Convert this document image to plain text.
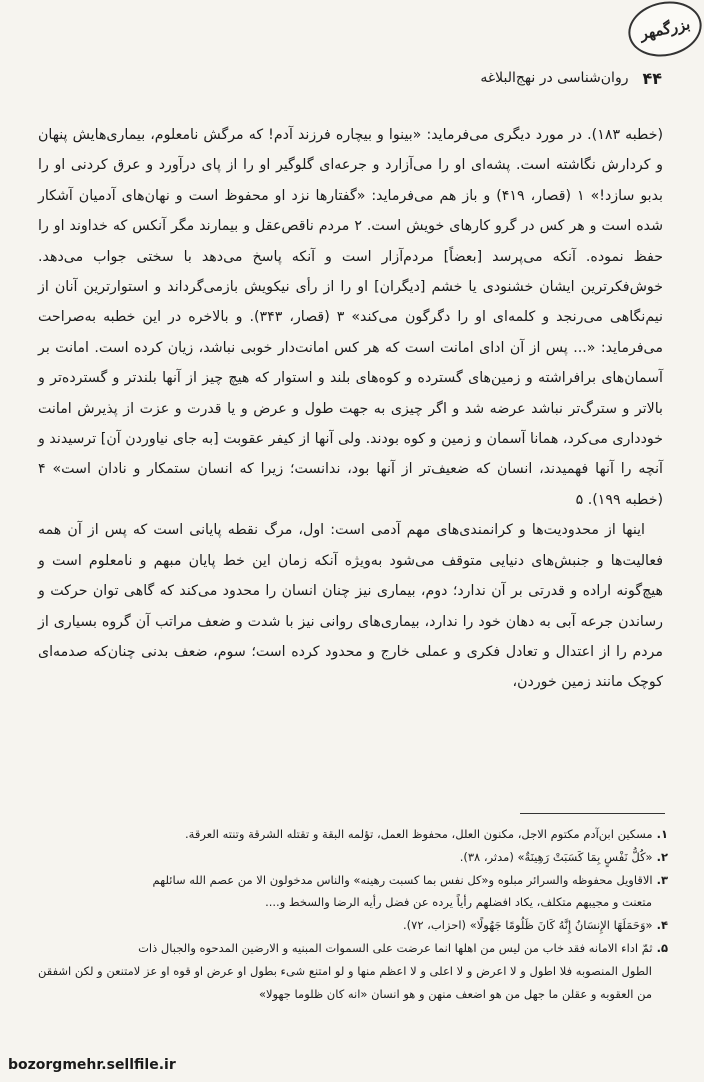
بزرگمهر
۴۴
روان‌شناسی در نهج‌البلاغه

(خطبه ۱۸۳). در مورد دیگری می‌فرماید: «بینوا و بیچاره فرزند آدم! که مرگش نامعلوم، بیماری‌هایش پنهان و کردارش نگاشته است. پشه‌ای او را می‌آزارد و جرعه‌ای گلوگیر او را از پای درآورد و عرق کردنی او را بدبو سازد!» ۱ (قصار، ۴۱۹) و باز هم می‌فرماید: «گفتارها نزد او محفوظ است و نهان‌های آدمیان آشکار شده است و هر کس در گرو کارهای خویش است. ۲ مردم ناقص‌عقل و بیمارند مگر آنکس که خداوند او را حفظ نموده. آنکه می‌پرسد [بعضاً] مردم‌آزار است و آنکه پاسخ می‌دهد با سختی جواب می‌دهد. خوش‌فکرترین ایشان خشنودی یا خشم [دیگران] او را از رأی نیکویش بازمی‌گرداند و استوارترین آنان از نیم‌نگاهی می‌رنجد و کلمه‌ای او را دگرگون می‌کند» ۳ (قصار، ۳۴۳). و بالاخره در این خطبه به‌صراحت می‌فرماید: «... پس از آن ادای امانت است که هر کس امانت‌دار خوبی نباشد، زیان کرده است. امانت بر آسمان‌های برافراشته و زمین‌های گسترده و کوه‌های بلند و استوار که هیچ چیز از آنها بلندتر و گسترده‌تر و بالاتر و سترگ‌تر نباشد عرضه شد و اگر چیزی به جهت طول و عرض و یا قدرت و عزت از پذیرش امانت خودداری می‌کرد، همانا آسمان و زمین و کوه بودند. ولی آنها از کیفر عقوبت [به جای نیاوردن آن] ترسیدند و آنچه را آنها فهمیدند، انسان که ضعیف‌تر از آنها بود، ندانست؛ زیرا که انسان ستمکار و نادان است» ۴ (خطبه ۱۹۹). ۵

اینها از محدودیت‌ها و کرانمندی‌های مهم آدمی است: اول، مرگ نقطه پایانی است که پس از آن همه فعالیت‌ها و جنبش‌های دنیایی متوقف می‌شود به‌ویژه آنکه زمان این خط پایان مبهم و نامعلوم است و هیچ‌گونه اراده و قدرتی بر آن ندارد؛ دوم، بیماری نیز چنان انسان را محدود می‌کند که گاهی توان حرکت و رساندن جرعه آبی به دهان خود را ندارد، بیماری‌های روانی نیز با شدت و ضعف مراتب آن گروه بسیاری از مردم را از اعتدال و تعادل فکری و عملی خارج و محدود کرده است؛ سوم، ضعف بدنی چنان‌که صدمه‌ای کوچک مانند زمین خوردن،

۱.مسکین ابن‌آدم مکتوم الاجل، مکنون العلل، محفوظ العمل، تؤلمه البقة و تقتله الشرقة وتنته العرقة.
۲.«کُلُّ نَفْسٍ بِمَا کَسَبَتْ رَهِینَةٌ» (مدثر، ۳۸).
۳.الاقاویل محفوظه والسرائر مبلوه و«کل نفس بما کسبت رهینه» والناس مدخولون الا من عصم الله سائلهم
متعنت و مجیبهم متکلف، یکاد افضلهم رأیاً یرده عن فضل رأیه الرضا والسخط و....
۴.«وَحَمَلَهَا الإِنسَانُ إِنَّهُ کَانَ ظَلُومًا جَهُولًا» (احزاب، ۷۲).
۵.ثمّ اداء الامانه فقد خاب من لیس من اهلها انما عرضت علی السموات المبنیه و الارضین المدحوه والجبال ذات
الطول المنصوبه فلا اطول و لا اعرض و لا اعلی و لا اعظم منها و لو امتنع شیء بطول او عرض او قوه او عز لامتنعن و لکن اشفقن من العقوبه و عقلن ما جهل من هو اضعف منهن و هو انسان «انه کان ظلوما جهولا»
bozorgmehr.sellfile.ir
